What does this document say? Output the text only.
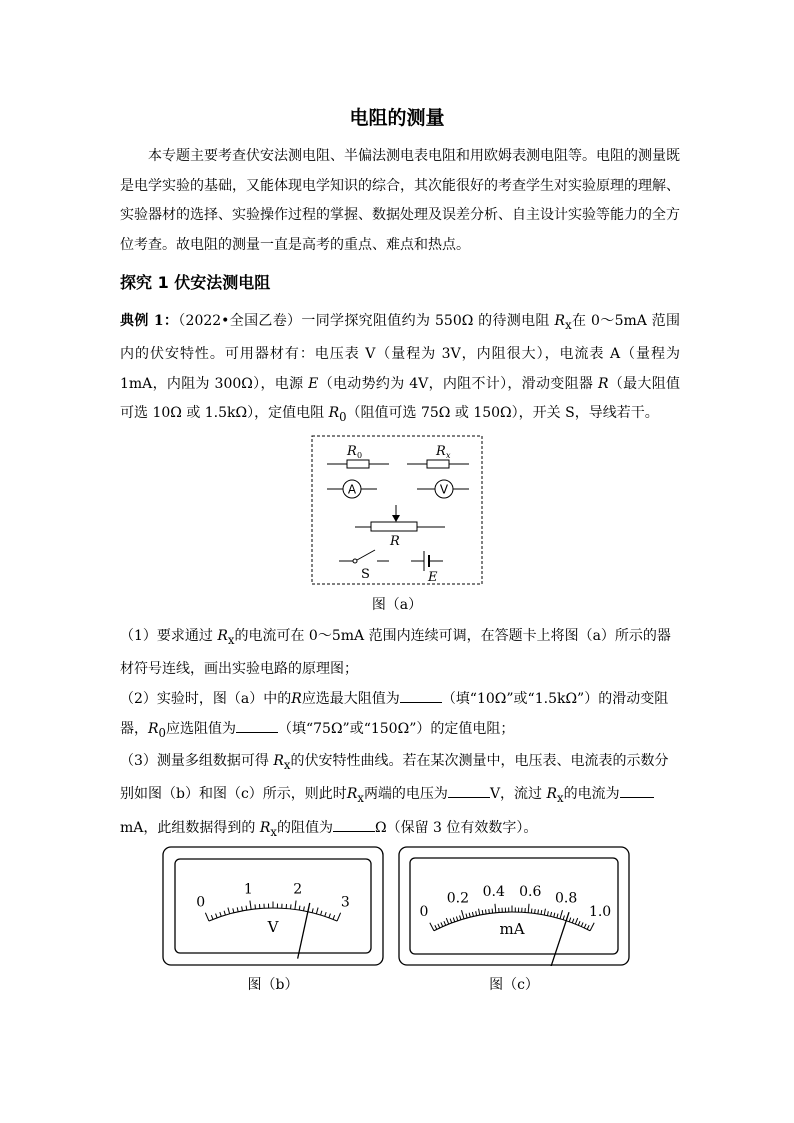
电阻的测量
本专题主要考查伏安法测电阻、半偏法测电表电阻和用欧姆表测电阻等。电阻的测量既是电学实验的基础，又能体现电学知识的综合，其次能很好的考查学生对实验原理的理解、实验器材的选择、实验操作过程的掌握、数据处理及误差分析、自主设计实验等能力的全方位考查。故电阻的测量一直是高考的重点、难点和热点。
探究 1 伏安法测电阻
典例 1：（2022•全国乙卷）一同学探究阻值约为 550Ω 的待测电阻 $R_x$在 0～5mA 范围内的伏安特性。可用器材有：电压表 V（量程为 3V，内阻很大），电流表 A（量程为 1mA，内阻为 300Ω），电源 E（电动势约为 4V，内阻不计），滑动变阻器 R（最大阻值可选 10Ω 或 1.5kΩ），定值电阻 $R_0$（阻值可选 75Ω 或 150Ω），开关 S，导线若干。
R 0	R x
A	V
R
S	E
图（a）
（1）要求通过 $R_x$的电流可在 0～5mA 范围内连续可调，在答题卡上将图（a）所示的器材符号连线，画出实验电路的原理图；
（2）实验时，图（a）中的R应选最大阻值为	（填“10Ω”或“1.5kΩ”）的滑动变阻器，$R_0$应选阻值为	（填“75Ω”或“150Ω”）的定值电阻；
（3）测量多组数据可得 $R_x$的伏安特性曲线。若在某次测量中，电压表、电流表的示数分别如图（b）和图（c）所示，则此时$R_x$两端的电压为	V，流过 $R_x$的电流为mA，此组数据得到的 $R_x$的阻值为	Ω（保留 3 位有效数字）。
0
1	2
3
V
图（b）
0
0.2 0.4 0.6 0.8
1.0
mA
图（c）
